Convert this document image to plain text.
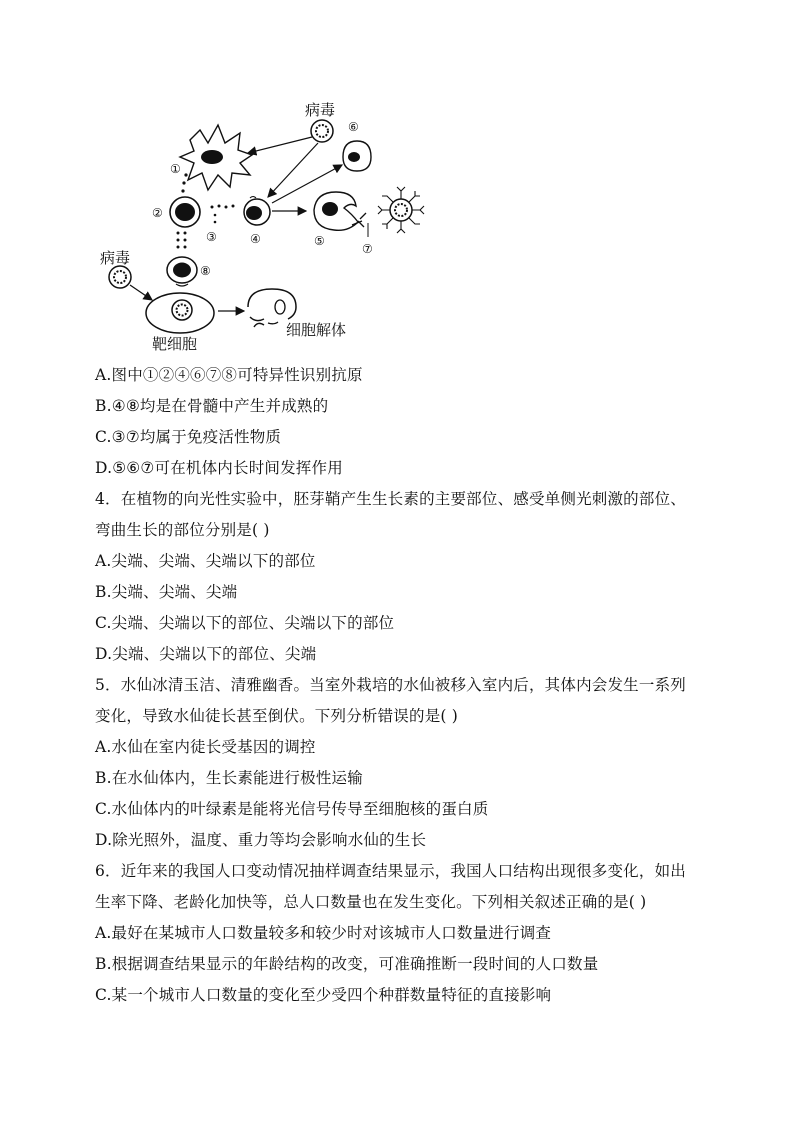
病毒
①
②
③	④
⑥
⑤
⑦
病毒
⑧
靶细胞
细胞解体
A.图中①②④⑥⑦⑧可特异性识别抗原
B.④⑧均是在骨髓中产生并成熟的
C.③⑦均属于免疫活性物质
D.⑤⑥⑦可在机体内长时间发挥作用
4．在植物的向光性实验中，胚芽鞘产生生长素的主要部位、感受单侧光刺激的部位、
弯曲生长的部位分别是( )
A.尖端、尖端、尖端以下的部位
B.尖端、尖端、尖端
C.尖端、尖端以下的部位、尖端以下的部位
D.尖端、尖端以下的部位、尖端
5．水仙冰清玉洁、清雅幽香。当室外栽培的水仙被移入室内后，其体内会发生一系列
变化，导致水仙徒长甚至倒伏。下列分析错误的是( )
A.水仙在室内徒长受基因的调控
B.在水仙体内，生长素能进行极性运输
C.水仙体内的叶绿素是能将光信号传导至细胞核的蛋白质
D.除光照外，温度、重力等均会影响水仙的生长
6．近年来的我国人口变动情况抽样调查结果显示，我国人口结构出现很多变化，如出
生率下降、老龄化加快等，总人口数量也在发生变化。下列相关叙述正确的是( )
A.最好在某城市人口数量较多和较少时对该城市人口数量进行调查
B.根据调查结果显示的年龄结构的改变，可准确推断一段时间的人口数量
C.某一个城市人口数量的变化至少受四个种群数量特征的直接影响
